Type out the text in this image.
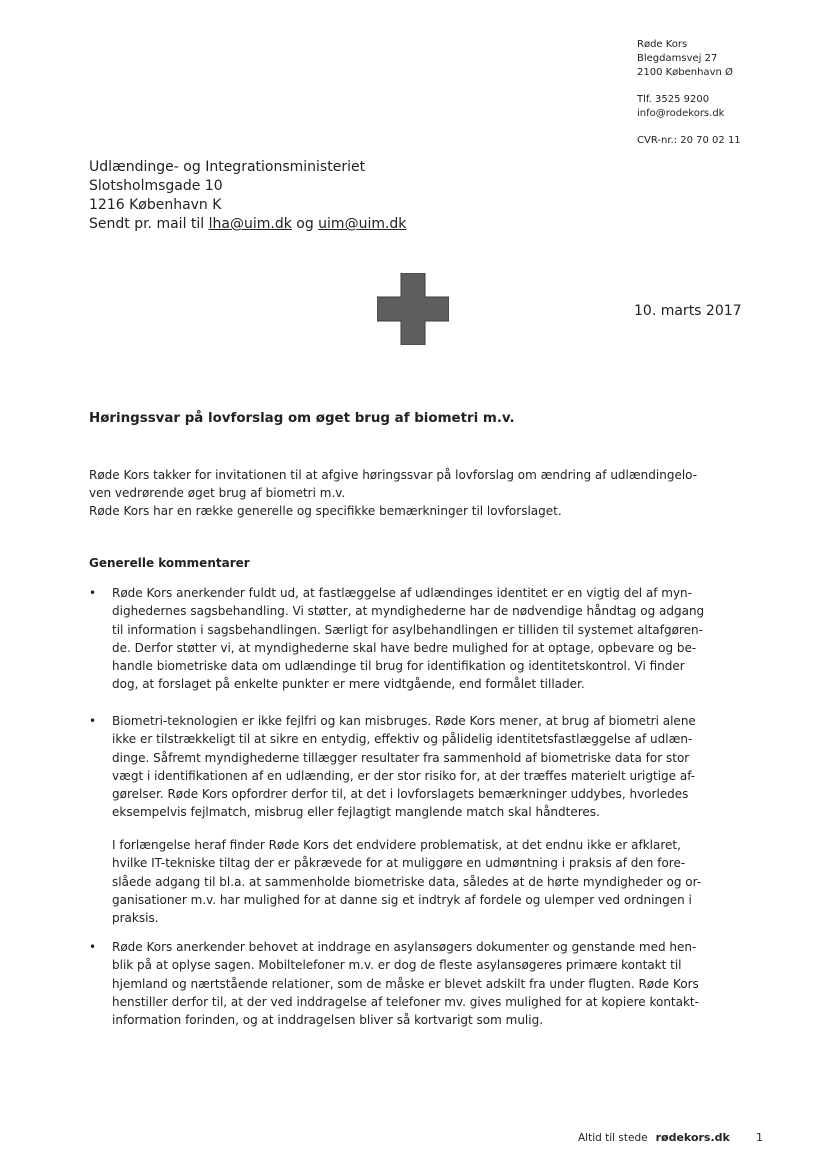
Røde Kors
Blegdamsvej 27
2100 København Ø
Tlf. 3525 9200
info@rodekors.dk
CVR-nr.: 20 70 02 11
Udlændinge- og Integrationsministeriet
Slotsholmsgade 10
1216 København K
Sendt pr. mail til lha@uim.dk og uim@uim.dk
10. marts 2017
Høringssvar på lovforslag om øget brug af biometri m.v.
Røde Kors takker for invitationen til at afgive høringssvar på lovforslag om ændring af udlændingelo-
ven vedrørende øget brug af biometri m.v.
Røde Kors har en række generelle og specifikke bemærkninger til lovforslaget.
Generelle kommentarer
• Røde Kors anerkender fuldt ud, at fastlæggelse af udlændinges identitet er en vigtig del af myn-
dighedernes sagsbehandling. Vi støtter, at myndighederne har de nødvendige håndtag og adgang
til information i sagsbehandlingen. Særligt for asylbehandlingen er tilliden til systemet altafgøren-
de. Derfor støtter vi, at myndighederne skal have bedre mulighed for at optage, opbevare og be-
handle biometriske data om udlændinge til brug for identifikation og identitetskontrol. Vi finder
dog, at forslaget på enkelte punkter er mere vidtgående, end formålet tillader.
• Biometri-teknologien er ikke fejlfri og kan misbruges. Røde Kors mener, at brug af biometri alene
ikke er tilstrækkeligt til at sikre en entydig, effektiv og pålidelig identitetsfastlæggelse af udlæn-
dinge. Såfremt myndighederne tillægger resultater fra sammenhold af biometriske data for stor
vægt i identifikationen af en udlænding, er der stor risiko for, at der træffes materielt urigtige af-
gørelser. Røde Kors opfordrer derfor til, at det i lovforslagets bemærkninger uddybes, hvorledes
eksempelvis fejlmatch, misbrug eller fejlagtigt manglende match skal håndteres.
I forlængelse heraf finder Røde Kors det endvidere problematisk, at det endnu ikke er afklaret,
hvilke IT-tekniske tiltag der er påkrævede for at muliggøre en udmøntning i praksis af den fore-
slåede adgang til bl.a. at sammenholde biometriske data, således at de hørte myndigheder og or-
ganisationer m.v. har mulighed for at danne sig et indtryk af fordele og ulemper ved ordningen i
praksis.
• Røde Kors anerkender behovet at inddrage en asylansøgers dokumenter og genstande med hen-
blik på at oplyse sagen. Mobiltelefoner m.v. er dog de fleste asylansøgeres primære kontakt til
hjemland og nærtstående relationer, som de måske er blevet adskilt fra under flugten. Røde Kors
henstiller derfor til, at der ved inddragelse af telefoner mv. gives mulighed for at kopiere kontakt-
information forinden, og at inddragelsen bliver så kortvarigt som mulig.
Altid til stede rødekors.dk 1
